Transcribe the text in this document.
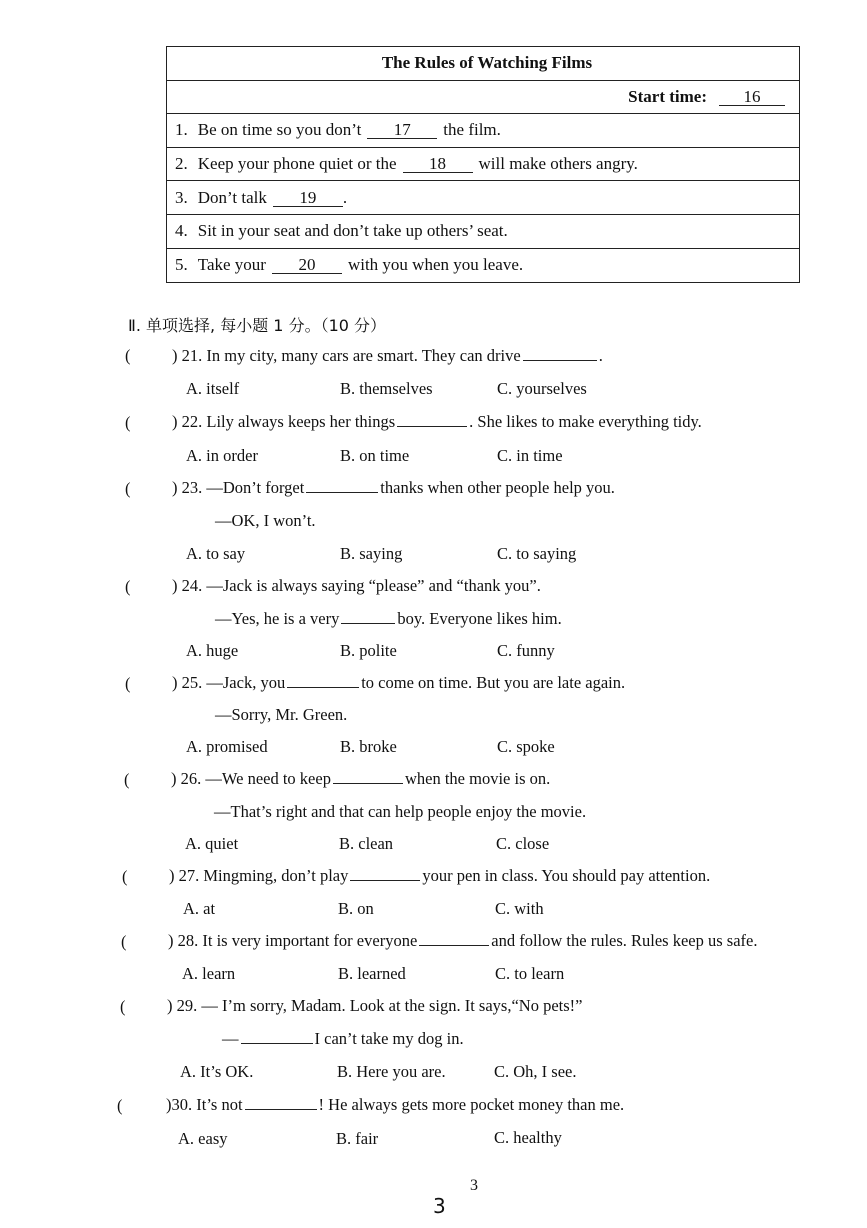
The Rules of Watching Films
Start time:	16
1. Be on time so you don’t	17	the film.
2. Keep your phone quiet or the	18	will make others angry.
3. Don’t talk	19	.
4. Sit in your seat and don’t take up others’ seat.
5. Take your	20	with you when you leave.
Ⅱ. 单项选择, 每小题 1 分。（10 分）
(	) 21. In my city, many cars are smart. They can drive	.
A. itself	B. themselves	C. yourselves
(	) 22. Lily always keeps her things	. She likes to make everything tidy.
A. in order	B. on time	C. in time
(	) 23. —Don’t forget	thanks when other people help you.
—OK, I won’t.
A. to say	B. saying	C. to saying
(	) 24. —Jack is always saying “please” and “thank you”.
—Yes, he is a very	boy. Everyone likes him.
A. huge	B. polite	C. funny
(	) 25. —Jack, you	to come on time. But you are late again.
—Sorry, Mr. Green.
A. promised	B. broke	C. spoke
(	) 26. —We need to keep	when the movie is on.
—That’s right and that can help people enjoy the movie.
A. quiet	B. clean	C. close
(	) 27. Mingming, don’t play	your pen in class. You should pay attention.
A. at	B. on	C. with
(	) 28. It is very important for everyone	and follow the rules. Rules keep us safe.
A. learn	B. learned	C. to learn
(	) 29. — I’m sorry, Madam. Look at the sign. It says,“No pets!”
—	I can’t take my dog in.
A. It’s OK.	B. Here you are.	C. Oh, I see.
(	)30. It’s not	! He always gets more pocket money than me.
A. easy	B. fair	C. healthy
3
3
